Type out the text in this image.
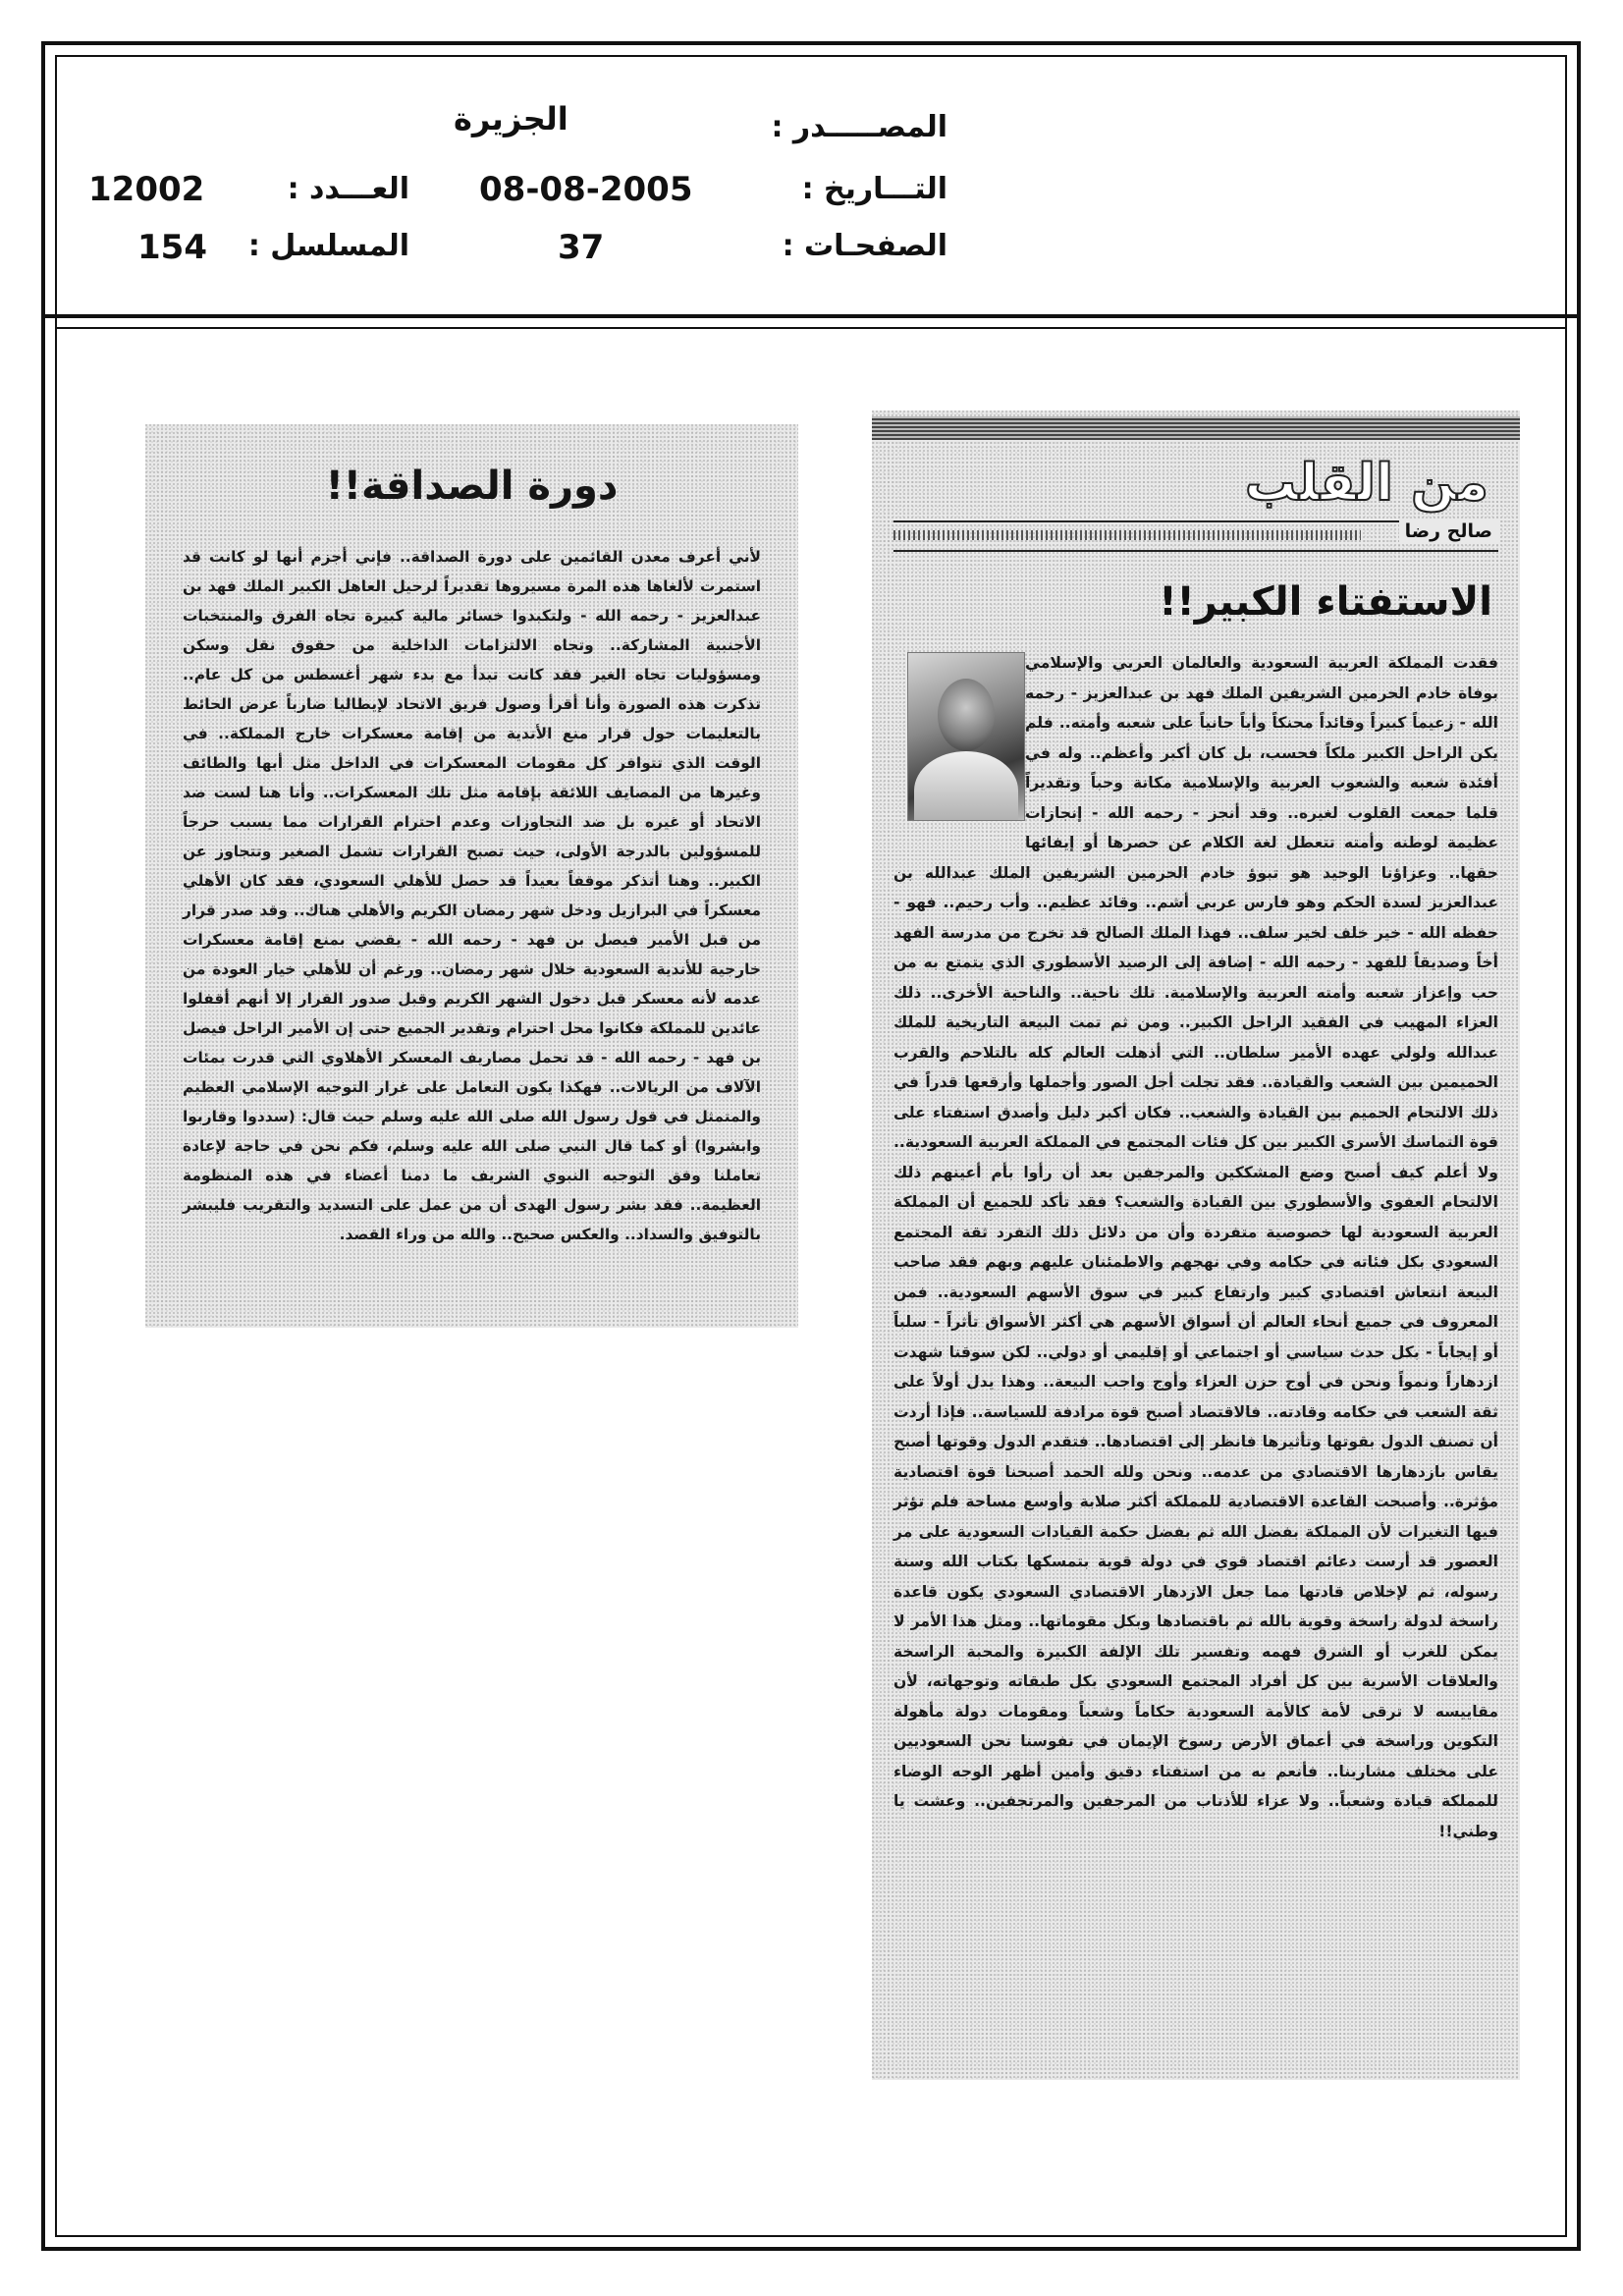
المصـــــدر :
الجزيرة
التـــاريخ :
08-08-2005
العـــدد :
12002
الصفحـات :
37
المسلسل :
154
دورة الصداقة!!

لأني أعرف معدن القائمين على دورة الصداقة.. فإني أجزم أنها لو كانت قد استمرت لألغاها هذه المرة مسيروها تقديراً لرحيل العاهل الكبير الملك فهد بن عبدالعزيز - رحمه الله - ولتكبدوا خسائر مالية كبيرة تجاه الفرق والمنتخبات الأجنبية المشاركة.. وتجاه الالتزامات الداخلية من حقوق نقل وسكن ومسؤوليات تجاه الغير فقد كانت تبدأ مع بدء شهر أغسطس من كل عام.. تذكرت هذه الصورة وأنا أقرأ وصول فريق الاتحاد لإيطاليا ضارباً عرض الحائط بالتعليمات حول قرار منع الأندية من إقامة معسكرات خارج المملكة.. في الوقت الذي تتوافر كل مقومات المعسكرات في الداخل مثل أبها والطائف وغيرها من المصايف اللائقة بإقامة مثل تلك المعسكرات.. وأنا هنا لست ضد الاتحاد أو غيره بل ضد التجاوزات وعدم احترام القرارات مما يسبب حرجاً للمسؤولين بالدرجة الأولى، حيث تصبح القرارات تشمل الصغير وتتجاوز عن الكبير.. وهنا أتذكر موقفاً بعيداً قد حصل للأهلي السعودي، فقد كان الأهلي معسكراً في البرازيل ودخل شهر رمضان الكريم والأهلي هناك.. وقد صدر قرار من قبل الأمير فيصل بن فهد - رحمه الله - يقضي بمنع إقامة معسكرات خارجية للأندية السعودية خلال شهر رمضان.. ورغم أن للأهلي خيار العودة من عدمه لأنه معسكر قبل دخول الشهر الكريم وقبل صدور القرار إلا أنهم أقفلوا عائدين للمملكة فكانوا محل احترام وتقدير الجميع حتى إن الأمير الراحل فيصل بن فهد - رحمه الله - قد تحمل مصاريف المعسكر الأهلاوي التي قدرت بمئات الآلاف من الريالات.. فهكذا يكون التعامل على غرار التوجيه الإسلامي العظيم والمتمثل في قول رسول الله صلى الله عليه وسلم حيث قال: (سددوا وقاربوا وابشروا) أو كما قال النبي صلى الله عليه وسلم، فكم نحن في حاجة لإعادة تعاملنا وفق التوجيه النبوي الشريف ما دمنا أعضاء في هذه المنظومة العظيمة.. فقد بشر رسول الهدى أن من عمل على التسديد والتقريب فليبشر بالتوفيق والسداد.. والعكس صحيح.. والله من وراء القصد.

من القلب
صالح رضا
الاستفتاء الكبير!!

فقدت المملكة العربية السعودية والعالمان العربي والإسلامي بوفاة خادم الحرمين الشريفين الملك فهد بن عبدالعزيز - رحمه الله - زعيماً كبيراً وقائداً محنكاً وأباً حانياً على شعبه وأمته.. فلم يكن الراحل الكبير ملكاً فحسب، بل كان أكبر وأعظم.. وله في أفئدة شعبه والشعوب العربية والإسلامية مكانة وحباً وتقديراً قلما جمعت القلوب لغيره.. وقد أنجز - رحمه الله - إنجازات عظيمة لوطنه وأمته تتعطل لغة الكلام عن حصرها أو إيفائها حقها.. وعزاؤنا الوحيد هو تبوؤ خادم الحرمين الشريفين الملك عبدالله بن عبدالعزيز لسدة الحكم وهو فارس عربي أشم.. وقائد عظيم.. وأب رحيم.. فهو - حفظه الله - خير خلف لخير سلف.. فهذا الملك الصالح قد تخرج من مدرسة الفهد أخاً وصديقاً للفهد - رحمه الله - إضافة إلى الرصيد الأسطوري الذي يتمتع به من حب وإعزاز شعبه وأمته العربية والإسلامية. تلك ناحية.. والناحية الأخرى.. ذلك العزاء المهيب في الفقيد الراحل الكبير.. ومن ثم تمت البيعة التاريخية للملك عبدالله ولولي عهده الأمير سلطان.. التي أذهلت العالم كله بالتلاحم والقرب الحميمين بين الشعب والقيادة.. فقد تجلت أجل الصور وأجملها وأرقعها قدراً في ذلك الالتحام الحميم بين القيادة والشعب.. فكان أكبر دليل وأصدق استفتاء على قوة التماسك الأسري الكبير بين كل فئات المجتمع في المملكة العربية السعودية.. ولا أعلم كيف أصبح وضع المشككين والمرجفين بعد أن رأوا بأم أعينهم ذلك الالتحام العفوي والأسطوري بين القيادة والشعب؟ فقد تأكد للجميع أن المملكة العربية السعودية لها خصوصية متفردة وأن من دلائل ذلك التفرد ثقة المجتمع السعودي بكل فئاته في حكامه وفي نهجهم والاطمئنان عليهم وبهم فقد صاحب البيعة انتعاش اقتصادي كبير وارتفاع كبير في سوق الأسهم السعودية.. فمن المعروف في جميع أنحاء العالم أن أسواق الأسهم هي أكثر الأسواق تأثراً - سلباً أو إيجاباً - بكل حدث سياسي أو اجتماعي أو إقليمي أو دولي.. لكن سوقنا شهدت ازدهاراً ونمواً ونحن في أوج حزن العزاء وأوج واجب البيعة.. وهذا يدل أولاً على ثقة الشعب في حكامه وقادته.. فالاقتصاد أصبح قوة مرادفة للسياسة.. فإذا أردت أن تصنف الدول بقوتها وتأثيرها فانظر إلى اقتصادها.. فتقدم الدول وقوتها أصبح يقاس بازدهارها الاقتصادي من عدمه.. ونحن ولله الحمد أصبحنا قوة اقتصادية مؤثرة.. وأصبحت القاعدة الاقتصادية للمملكة أكثر صلابة وأوسع مساحة فلم تؤثر فيها التغيرات لأن المملكة بفضل الله ثم بفضل حكمة القيادات السعودية على مر العصور قد أرست دعائم اقتصاد قوي في دولة قوية بتمسكها بكتاب الله وسنة رسوله، ثم لإخلاص قادتها مما جعل الازدهار الاقتصادي السعودي يكون قاعدة راسخة لدولة راسخة وقوية بالله ثم باقتصادها وبكل مقوماتها.. ومثل هذا الأمر لا يمكن للغرب أو الشرق فهمه وتفسير تلك الإلفة الكبيرة والمحبة الراسخة والعلاقات الأسرية بين كل أفراد المجتمع السعودي بكل طبقاته وتوجهاته، لأن مقاييسه لا ترقى لأمة كالأمة السعودية حكاماً وشعباً ومقومات دولة مأهولة التكوين وراسخة في أعماق الأرض رسوخ الإيمان في نفوسنا نحن السعوديين على مختلف مشاربنا.. فأنعم به من استفتاء دقيق وأمين أظهر الوجه الوضاء للمملكة قيادة وشعباً.. ولا عزاء للأذناب من المرجفين والمرتجفين.. وعشت يا وطني!!
